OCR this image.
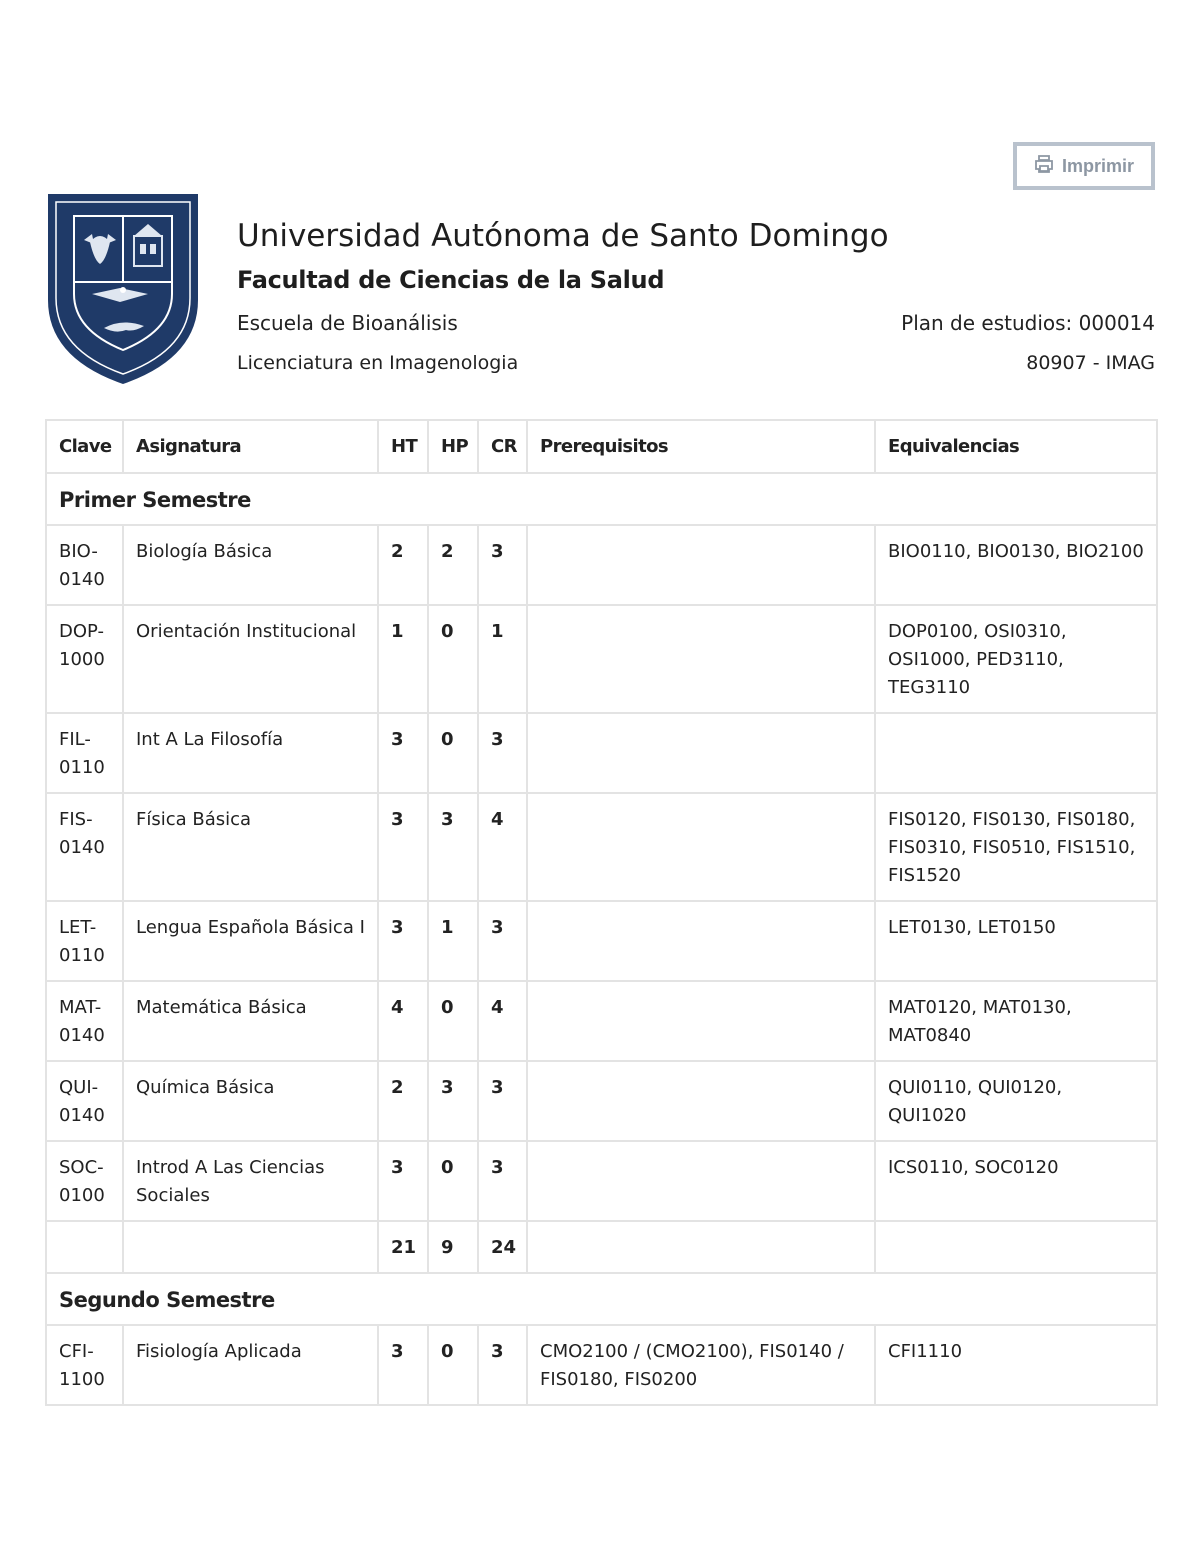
Imprimir
Universidad Autónoma de Santo Domingo
Facultad de Ciencias de la Salud
Escuela de Bioanálisis
Licenciatura en Imagenologia
Plan de estudios: 000014
80907 - IMAG
Clave	Asignatura	HT	HP	CR	Prerequisitos	Equivalencias
Primer Semestre						
BIO-0140	Biología Básica	2	2	3		BIO0110, BIO0130, BIO2100
DOP-1000	Orientación Institucional	1	0	1		DOP0100, OSI0310, OSI1000, PED3110, TEG3110
FIL-0110	Int A La Filosofía	3	0	3		
FIS-0140	Física Básica	3	3	4		FIS0120, FIS0130, FIS0180, FIS0310, FIS0510, FIS1510, FIS1520
LET-0110	Lengua Española Básica I	3	1	3		LET0130, LET0150
MAT-0140	Matemática Básica	4	0	4		MAT0120, MAT0130, MAT0840
QUI-0140	Química Básica	2	3	3		QUI0110, QUI0120, QUI1020
SOC-0100	Introd A Las Ciencias Sociales	3	0	3		ICS0110, SOC0120
		21	9	24		
Segundo Semestre						
CFI-1100	Fisiología Aplicada	3	0	3	CMO2100 / (CMO2100), FIS0140 / FIS0180, FIS0200	CFI1110
